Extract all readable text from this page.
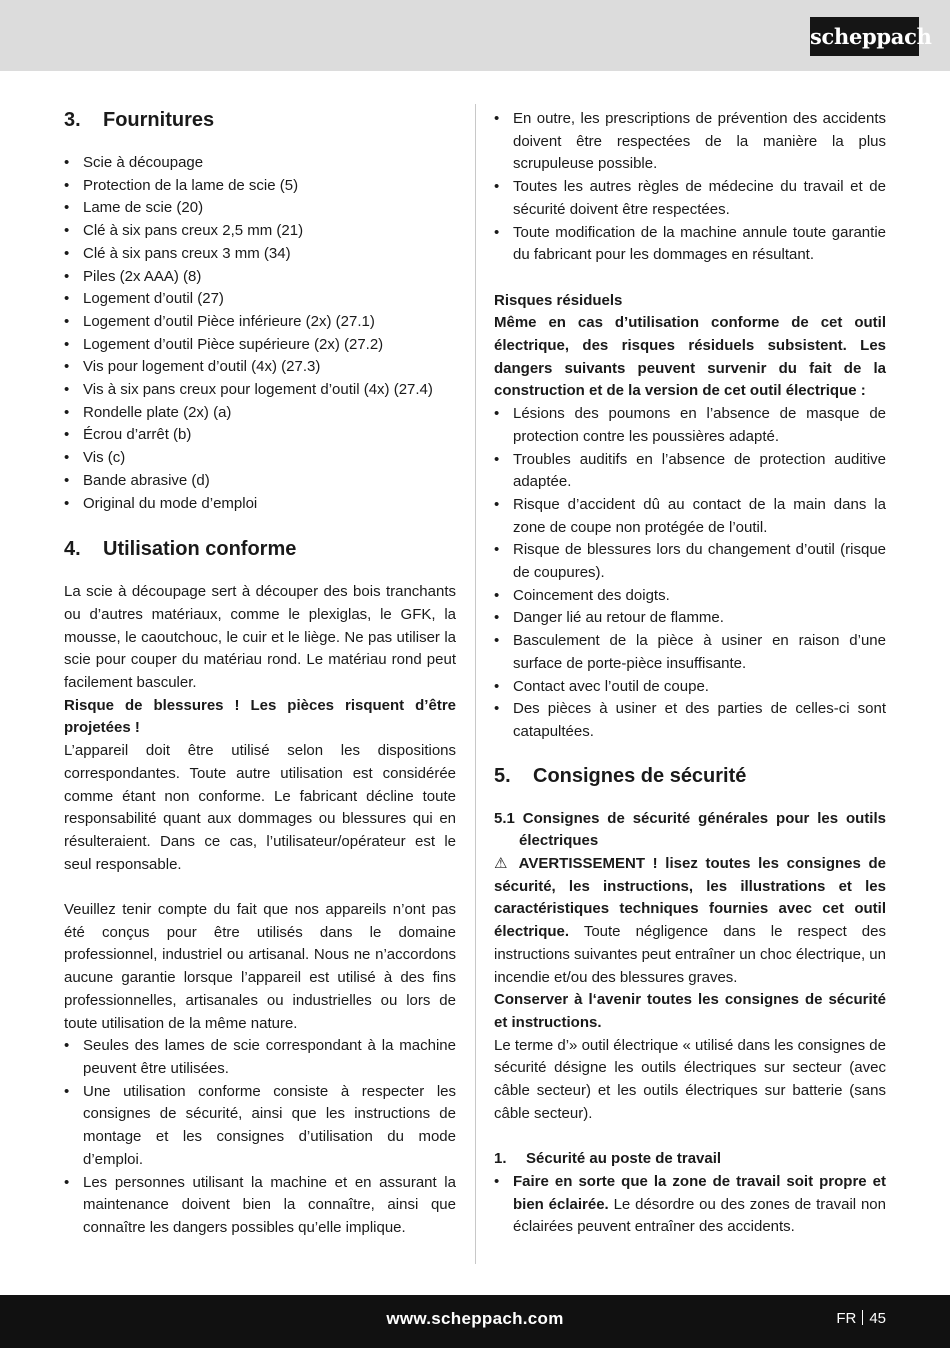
scheppach
3. Fournitures
• Scie à découpage
• Protection de la lame de scie (5)
• Lame de scie (20)
• Clé à six pans creux 2,5 mm (21)
• Clé à six pans creux 3 mm (34)
• Piles (2x AAA) (8)
• Logement d’outil (27)
• Logement d’outil Pièce inférieure (2x) (27.1)
• Logement d’outil Pièce supérieure (2x) (27.2)
• Vis pour logement d’outil (4x) (27.3)
• Vis à six pans creux pour logement d’outil (4x) (27.4)
• Rondelle plate (2x) (a)
• Écrou d’arrêt (b)
• Vis (c)
• Bande abrasive (d)
• Original du mode d’emploi
4. Utilisation conforme

La scie à découpage sert à découper des bois tranchants ou d’autres matériaux, comme le plexiglas, le GFK, la mousse, le caoutchouc, le cuir et le liège. Ne pas utiliser la scie pour couper du matériau rond. Le matériau rond peut facilement basculer.

Risque de blessures ! Les pièces risquent d’être projetées !

L’appareil doit être utilisé selon les dispositions correspondantes. Toute autre utilisation est considérée comme étant non conforme. Le fabricant décline toute responsabilité quant aux dommages ou blessures qui en résulteraient. Dans ce cas, l’utilisateur/opérateur est le seul responsable.

Veuillez tenir compte du fait que nos appareils n’ont pas été conçus pour être utilisés dans le domaine professionnel, industriel ou artisanal. Nous ne n’accordons aucune garantie lorsque l’appareil est utilisé à des fins professionnelles, artisanales ou industrielles ou lors de toute utilisation de la même nature.

• Seules des lames de scie correspondant à la machine peuvent être utilisées.
• Une utilisation conforme consiste à respecter les consignes de sécurité, ainsi que les instructions de montage et les consignes d’utilisation du mode d’emploi.
• Les personnes utilisant la machine et en assurant la maintenance doivent bien la connaître, ainsi que connaître les dangers possibles qu’elle implique.
• En outre, les prescriptions de prévention des accidents doivent être respectées de la manière la plus scrupuleuse possible.
• Toutes les autres règles de médecine du travail et de sécurité doivent être respectées.
• Toute modification de la machine annule toute garantie du fabricant pour les dommages en résultant.

Risques résiduels

Même en cas d’utilisation conforme de cet outil électrique, des risques résiduels subsistent. Les dangers suivants peuvent survenir du fait de la construction et de la version de cet outil électrique :

• Lésions des poumons en l’absence de masque de protection contre les poussières adapté.
• Troubles auditifs en l’absence de protection auditive adaptée.
• Risque d’accident dû au contact de la main dans la zone de coupe non protégée de l’outil.
• Risque de blessures lors du changement d’outil (risque de coupures).
• Coincement des doigts.
• Danger lié au retour de flamme.
• Basculement de la pièce à usiner en raison d’une surface de porte-pièce insuffisante.
• Contact avec l’outil de coupe.
• Des pièces à usiner et des parties de celles-ci sont catapultées.
5. Consignes de sécurité

5.1 Consignes de sécurité générales pour les outils électriques

⚠ AVERTISSEMENT ! lisez toutes les consignes de sécurité, les instructions, les illustrations et les caractéristiques techniques fournies avec cet outil électrique. Toute négligence dans le respect des instructions suivantes peut entraîner un choc électrique, un incendie et/ou des blessures graves.

Conserver à l‘avenir toutes les consignes de sécurité et instructions.

Le terme d’» outil électrique « utilisé dans les consignes de sécurité désigne les outils électriques sur secteur (avec câble secteur) et les outils électriques sur batterie (sans câble secteur).

1. Sécurité au poste de travail

• Faire en sorte que la zone de travail soit propre et bien éclairée. Le désordre ou des zones de travail non éclairées peuvent entraîner des accidents.
www.scheppach.com	FR 45
